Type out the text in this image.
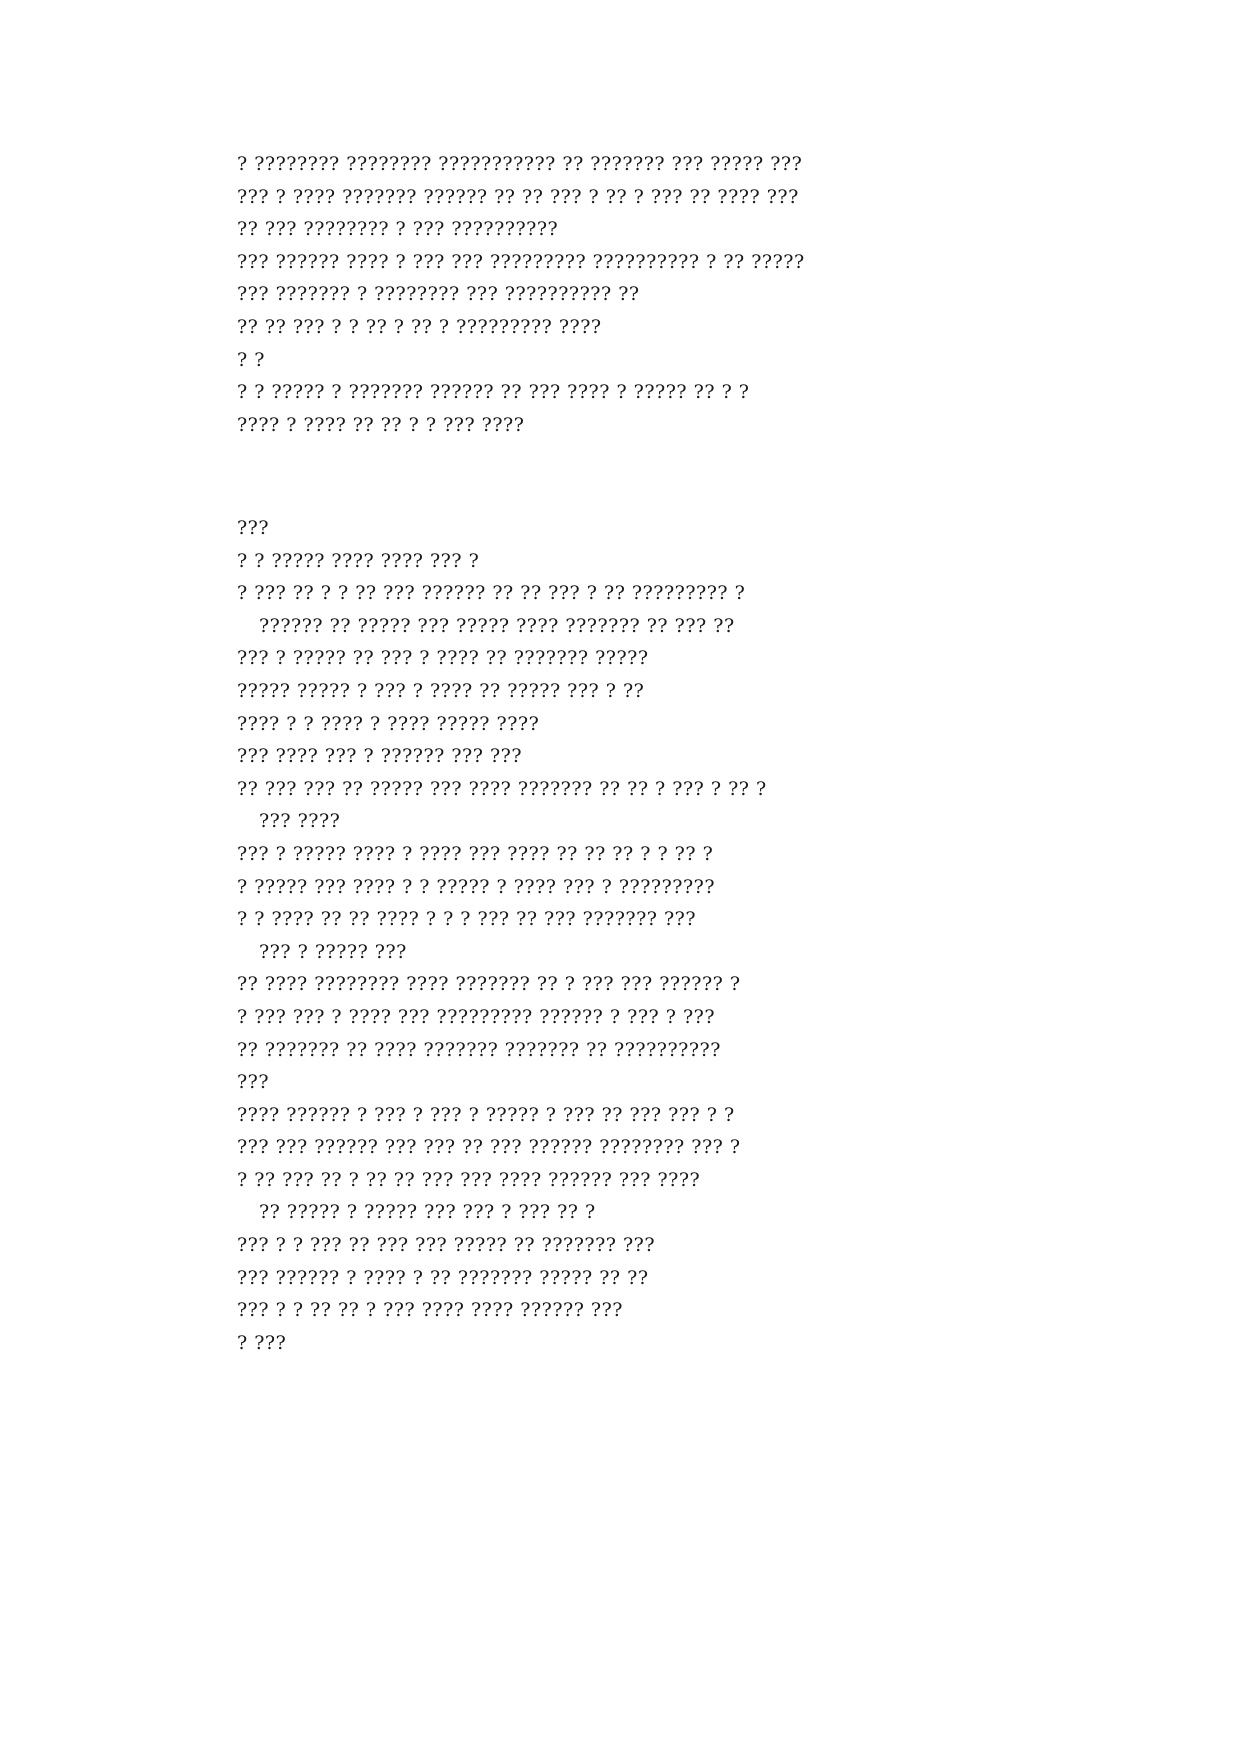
? ???????? ???????? ??????????? ?? ??????? ??? ????? ???
??? ? ???? ??????? ?????? ?? ?? ??? ? ?? ? ??? ?? ???? ???
?? ??? ???????? ? ??? ??????????
??? ?????? ???? ? ??? ??? ????????? ?????????? ? ?? ?????
??? ??????? ? ???????? ??? ?????????? ??
?? ?? ??? ? ? ?? ? ?? ? ????????? ????
? ?
? ? ????? ? ??????? ?????? ?? ??? ???? ? ????? ?? ? ?
???? ? ???? ?? ?? ? ? ??? ????
???
? ? ????? ???? ???? ??? ?
? ??? ?? ? ? ?? ??? ?????? ?? ?? ??? ? ?? ????????? ?
?????? ?? ????? ??? ????? ???? ??????? ?? ??? ??
??? ? ????? ?? ??? ? ???? ?? ??????? ?????
????? ????? ? ??? ? ???? ?? ????? ??? ? ??
???? ? ? ???? ? ???? ????? ????
??? ???? ??? ? ?????? ??? ???
?? ??? ??? ?? ????? ??? ???? ??????? ?? ?? ? ??? ? ?? ?
??? ????
??? ? ????? ???? ? ???? ??? ???? ?? ?? ?? ? ? ?? ?
? ????? ??? ???? ? ? ????? ? ???? ??? ? ?????????
? ? ???? ?? ?? ???? ? ? ? ??? ?? ??? ??????? ???
??? ? ????? ???
?? ???? ???????? ???? ??????? ?? ? ??? ??? ?????? ?
? ??? ??? ? ???? ??? ????????? ?????? ? ??? ? ???
?? ??????? ?? ???? ??????? ??????? ?? ??????????
???
???? ?????? ? ??? ? ??? ? ????? ? ??? ?? ??? ??? ? ?
??? ??? ?????? ??? ??? ?? ??? ?????? ???????? ??? ?
? ?? ??? ?? ? ?? ?? ??? ??? ???? ?????? ??? ????
?? ????? ? ????? ??? ??? ? ??? ?? ?
??? ? ? ??? ?? ??? ??? ????? ?? ??????? ???
??? ?????? ? ???? ? ?? ??????? ????? ?? ??
??? ? ? ?? ?? ? ??? ???? ???? ?????? ???
? ???
